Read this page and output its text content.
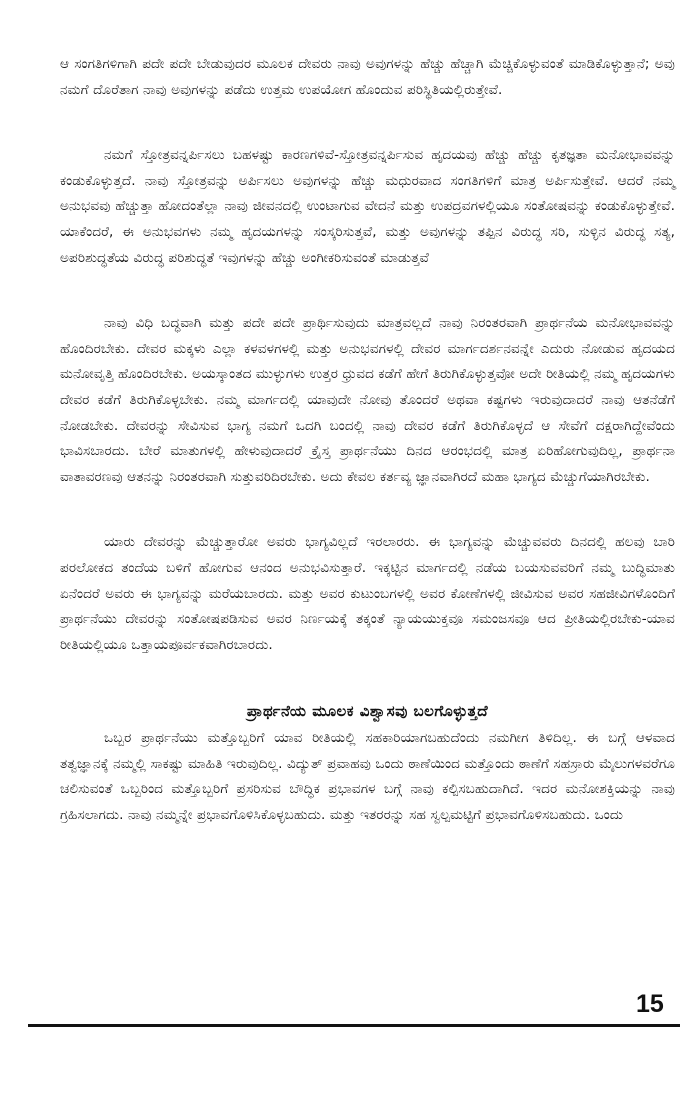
ಆ ಸಂಗತಿಗಳಿಗಾಗಿ ಪದೇ ಪದೇ ಬೇಡುವುದರ ಮೂಲಕ ದೇವರು ನಾವು ಅವುಗಳನ್ನು ಹೆಚ್ಚು ಹೆಚ್ಚಾಗಿ ಮೆಚ್ಚಿಕೊಳ್ಳುವಂತೆ ಮಾಡಿಕೊಳ್ಳುತ್ತಾನೆ; ಅವು ನಮಗೆ ದೊರೆತಾಗ ನಾವು ಅವುಗಳನ್ನು ಪಡೆದು ಉತ್ತಮ ಉಪಯೋಗ ಹೊಂದುವ ಪರಿಸ್ಥಿತಿಯಲ್ಲಿರುತ್ತೇವೆ.

ನಮಗೆ ಸ್ತೋತ್ರವನ್ನರ್ಪಿಸಲು ಬಹಳಷ್ಟು ಕಾರಣಗಳಿವೆ-ಸ್ತೋತ್ರವನ್ನರ್ಪಿಸುವ ಹೃದಯವು ಹೆಚ್ಚು ಹೆಚ್ಚು ಕೃತಜ್ಞತಾ ಮನೋಭಾವವನ್ನು ಕಂಡುಕೊಳ್ಳುತ್ತದೆ. ನಾವು ಸ್ತೋತ್ರವನ್ನು ಅರ್ಪಿಸಲು ಅವುಗಳನ್ನು ಹೆಚ್ಚು ಮಧುರವಾದ ಸಂಗತಿಗಳಿಗೆ ಮಾತ್ರ ಅರ್ಪಿಸುತ್ತೇವೆ. ಆದರೆ ನಮ್ಮ ಅನುಭವವು ಹೆಚ್ಚುತ್ತಾ ಹೋದಂತೆಲ್ಲಾ ನಾವು ಜೀವನದಲ್ಲಿ ಉಂಟಾಗುವ ವೇದನೆ ಮತ್ತು ಉಪದ್ರವಗಳಲ್ಲಿಯೂ ಸಂತೋಷವನ್ನು ಕಂಡುಕೊಳ್ಳುತ್ತೇವೆ. ಯಾಕೆಂದರೆ, ಈ ಅನುಭವಗಳು ನಮ್ಮ ಹೃದಯಗಳನ್ನು ಸಂಸ್ಕರಿಸುತ್ತವೆ, ಮತ್ತು ಅವುಗಳನ್ನು ತಪ್ಪಿನ ವಿರುದ್ಧ ಸರಿ, ಸುಳ್ಳಿನ ವಿರುದ್ಧ ಸತ್ಯ, ಅಪರಿಶುದ್ಧತೆಯ ವಿರುದ್ಧ ಪರಿಶುದ್ಧತೆ ಇವುಗಳನ್ನು ಹೆಚ್ಚು ಅಂಗೀಕರಿಸುವಂತೆ ಮಾಡುತ್ತವೆ

ನಾವು ವಿಧಿ ಬದ್ಧವಾಗಿ ಮತ್ತು ಪದೇ ಪದೇ ಪ್ರಾರ್ಥಿಸುವುದು ಮಾತ್ರವಲ್ಲದೆ ನಾವು ನಿರಂತರವಾಗಿ ಪ್ರಾರ್ಥನೆಯ ಮನೋಭಾವವನ್ನು ಹೊಂದಿರಬೇಕು. ದೇವರ ಮಕ್ಕಳು ಎಲ್ಲಾ ಕಳವಳಗಳಲ್ಲಿ ಮತ್ತು ಅನುಭವಗಳಲ್ಲಿ ದೇವರ ಮಾರ್ಗದರ್ಶನವನ್ನೇ ಎದುರು ನೋಡುವ ಹೃದಯದ ಮನೋವೃತ್ತಿ ಹೊಂದಿರಬೇಕು. ಅಯಸ್ಕಾಂತದ ಮುಳ್ಳುಗಳು ಉತ್ತರ ಧ್ರುವದ ಕಡೆಗೆ ಹೇಗೆ ತಿರುಗಿಕೊಳ್ಳುತ್ತವೋ ಅದೇ ರೀತಿಯಲ್ಲಿ ನಮ್ಮ ಹೃದಯಗಳು ದೇವರ ಕಡೆಗೆ ತಿರುಗಿಕೊಳ್ಳಬೇಕು. ನಮ್ಮ ಮಾರ್ಗದಲ್ಲಿ ಯಾವುದೇ ನೋವು ತೊಂದರೆ ಅಥವಾ ಕಷ್ಟಗಳು ಇರುವುದಾದರೆ ನಾವು ಆತನೆಡೆಗೆ ನೋಡಬೇಕು. ದೇವರನ್ನು ಸೇವಿಸುವ ಭಾಗ್ಯ ನಮಗೆ ಒದಗಿ ಬಂದಲ್ಲಿ ನಾವು ದೇವರ ಕಡೆಗೆ ತಿರುಗಿಕೊಳ್ಳದೆ ಆ ಸೇವೆಗೆ ದಕ್ಷರಾಗಿದ್ದೇವೆಂದು ಭಾವಿಸಬಾರದು. ಬೇರೆ ಮಾತುಗಳಲ್ಲಿ ಹೇಳುವುದಾದರೆ ಕ್ರೈಸ್ತ ಪ್ರಾರ್ಥನೆಯು ದಿನದ ಆರಂಭದಲ್ಲಿ ಮಾತ್ರ ಏರಿಹೋಗುವುದಿಲ್ಲ, ಪ್ರಾರ್ಥನಾ ವಾತಾವರಣವು ಆತನನ್ನು ನಿರಂತರವಾಗಿ ಸುತ್ತುವರಿದಿರಬೇಕು. ಅದು ಕೇವಲ ಕರ್ತವ್ಯ ಜ್ಞಾನವಾಗಿರದೆ ಮಹಾ ಭಾಗ್ಯದ ಮೆಚ್ಚುಗೆಯಾಗಿರಬೇಕು.

ಯಾರು ದೇವರನ್ನು ಮೆಚ್ಚುತ್ತಾರೋ ಅವರು ಭಾಗ್ಯವಿಲ್ಲದೆ ಇರಲಾರರು. ಈ ಭಾಗ್ಯವನ್ನು ಮೆಚ್ಚುವವರು ದಿನದಲ್ಲಿ ಹಲವು ಬಾರಿ ಪರಲೋಕದ ತಂದೆಯ ಬಳಿಗೆ ಹೋಗುವ ಆನಂದ ಅನುಭವಿಸುತ್ತಾರೆ. ಇಕ್ಕಟ್ಟಿನ ಮಾರ್ಗದಲ್ಲಿ ನಡೆಯ ಬಯಸುವವರಿಗೆ ನಮ್ಮ ಬುದ್ಧಿಮಾತು ಏನೆಂದರೆ ಅವರು ಈ ಭಾಗ್ಯವನ್ನು ಮರೆಯಬಾರದು. ಮತ್ತು ಅವರ ಕುಟುಂಬಗಳಲ್ಲಿ ಅವರ ಕೋಣೆಗಳಲ್ಲಿ ಜೀವಿಸುವ ಅವರ ಸಹಜೀವಿಗಳೊಂದಿಗೆ ಪ್ರಾರ್ಥನೆಯು ದೇವರನ್ನು ಸಂತೋಷಪಡಿಸುವ ಅವರ ನಿರ್ಣಯಕ್ಕೆ ತಕ್ಕಂತೆ ನ್ಯಾಯಯುಕ್ತವೂ ಸಮಂಜಸವೂ ಆದ ಪ್ರೀತಿಯಲ್ಲಿರಬೇಕು-ಯಾವ ರೀತಿಯಲ್ಲಿಯೂ ಒತ್ತಾಯಪೂರ್ವಕವಾಗಿರಬಾರದು.

ಪ್ರಾರ್ಥನೆಯ ಮೂಲಕ ವಿಶ್ವಾಸವು ಬಲಗೊಳ್ಳುತ್ತದೆ

ಒಬ್ಬರ ಪ್ರಾರ್ಥನೆಯು ಮತ್ತೊಬ್ಬರಿಗೆ ಯಾವ ರೀತಿಯಲ್ಲಿ ಸಹಕಾರಿಯಾಗಬಹುದೆಂದು ನಮಗೀಗ ತಿಳಿದಿಲ್ಲ. ಈ ಬಗ್ಗೆ ಆಳವಾದ ತತ್ವಜ್ಞಾನಕ್ಕೆ ನಮ್ಮಲ್ಲಿ ಸಾಕಷ್ಟು ಮಾಹಿತಿ ಇರುವುದಿಲ್ಲ. ವಿದ್ಯುತ್ ಪ್ರವಾಹವು ಒಂದು ಠಾಣೆಯಿಂದ ಮತ್ತೊಂದು ಠಾಣೆಗೆ ಸಹಸ್ರಾರು ಮೈಲುಗಳವರೆಗೂ ಚಲಿಸುವಂತೆ ಒಬ್ಬರಿಂದ ಮತ್ತೊಬ್ಬರಿಗೆ ಪ್ರಸರಿಸುವ ಬೌದ್ಧಿಕ ಪ್ರಭಾವಗಳ ಬಗ್ಗೆ ನಾವು ಕಲ್ಪಿಸಬಹುದಾಗಿದೆ. ಇದರ ಮನೋಶಕ್ತಿಯನ್ನು ನಾವು ಗ್ರಹಿಸಲಾಗದು. ನಾವು ನಮ್ಮನ್ನೇ ಪ್ರಭಾವಗೊಳಿಸಿಕೊಳ್ಳಬಹುದು. ಮತ್ತು ಇತರರನ್ನು ಸಹ ಸ್ವಲ್ಪಮಟ್ಟಿಗೆ ಪ್ರಭಾವಗೊಳಿಸಬಹುದು. ಒಂದು

15
